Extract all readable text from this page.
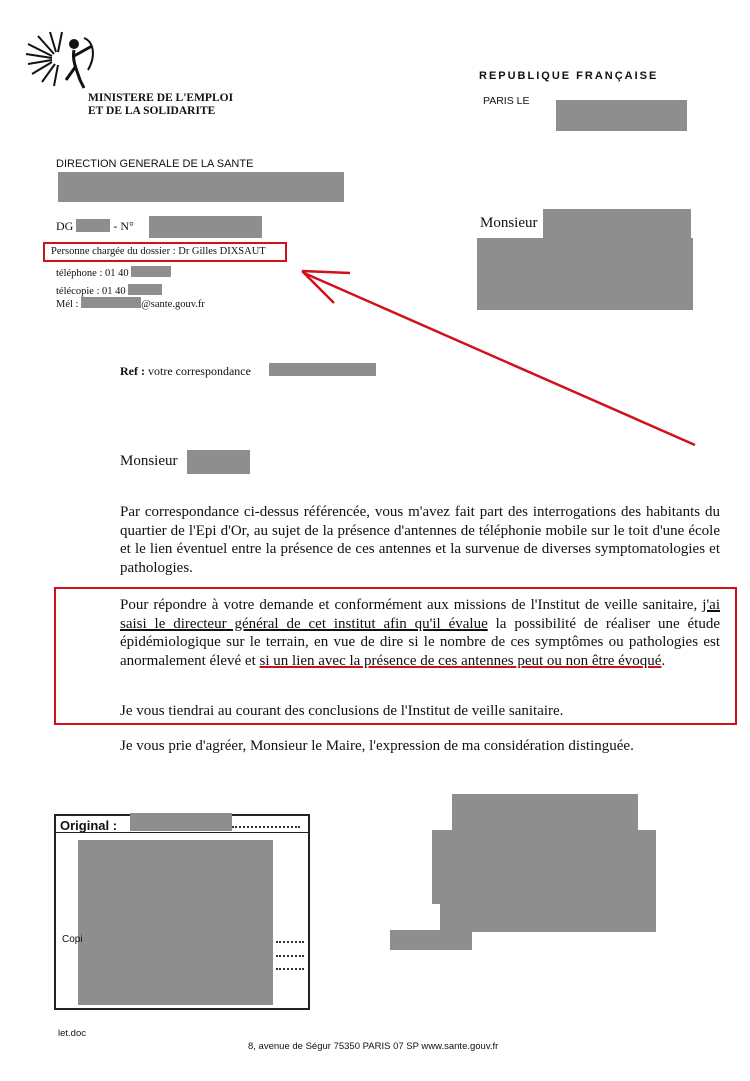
MINISTERE DE L'EMPLOI
ET DE LA SOLIDARITE
REPUBLIQUE FRANÇAISE
PARIS LE
DIRECTION GENERALE DE LA SANTE
DG	- N°	Monsieur
Personne chargée du dossier : Dr Gilles DIXSAUT
téléphone : 01 40
télécopie : 01 40
Mél :	@sante.gouv.fr
Ref : votre correspondance
Monsieur
Par correspondance ci-dessus référencée, vous m'avez fait part des interrogations des habitants du quartier de l'Epi d'Or, au sujet de la présence d'antennes de téléphonie mobile sur le toit d'une école et le lien éventuel entre la présence de ces antennes et la survenue de diverses symptomatologies et pathologies.
Pour répondre à votre demande et conformément aux missions de l'Institut de veille sanitaire, j'ai saisi le directeur général de cet institut afin qu'il évalue la possibilité de réaliser une étude épidémiologique sur le terrain, en vue de dire si le nombre de ces symptômes ou pathologies est anormalement élevé et si un lien avec la présence de ces antennes peut ou non être évoqué.
Je vous tiendrai au courant des conclusions de l'Institut de veille sanitaire.
Je vous prie d'agréer, Monsieur le Maire, l'expression de ma considération distinguée.
Original :
Copi
let.doc
8, avenue de Ségur 75350 PARIS 07 SP www.sante.gouv.fr
